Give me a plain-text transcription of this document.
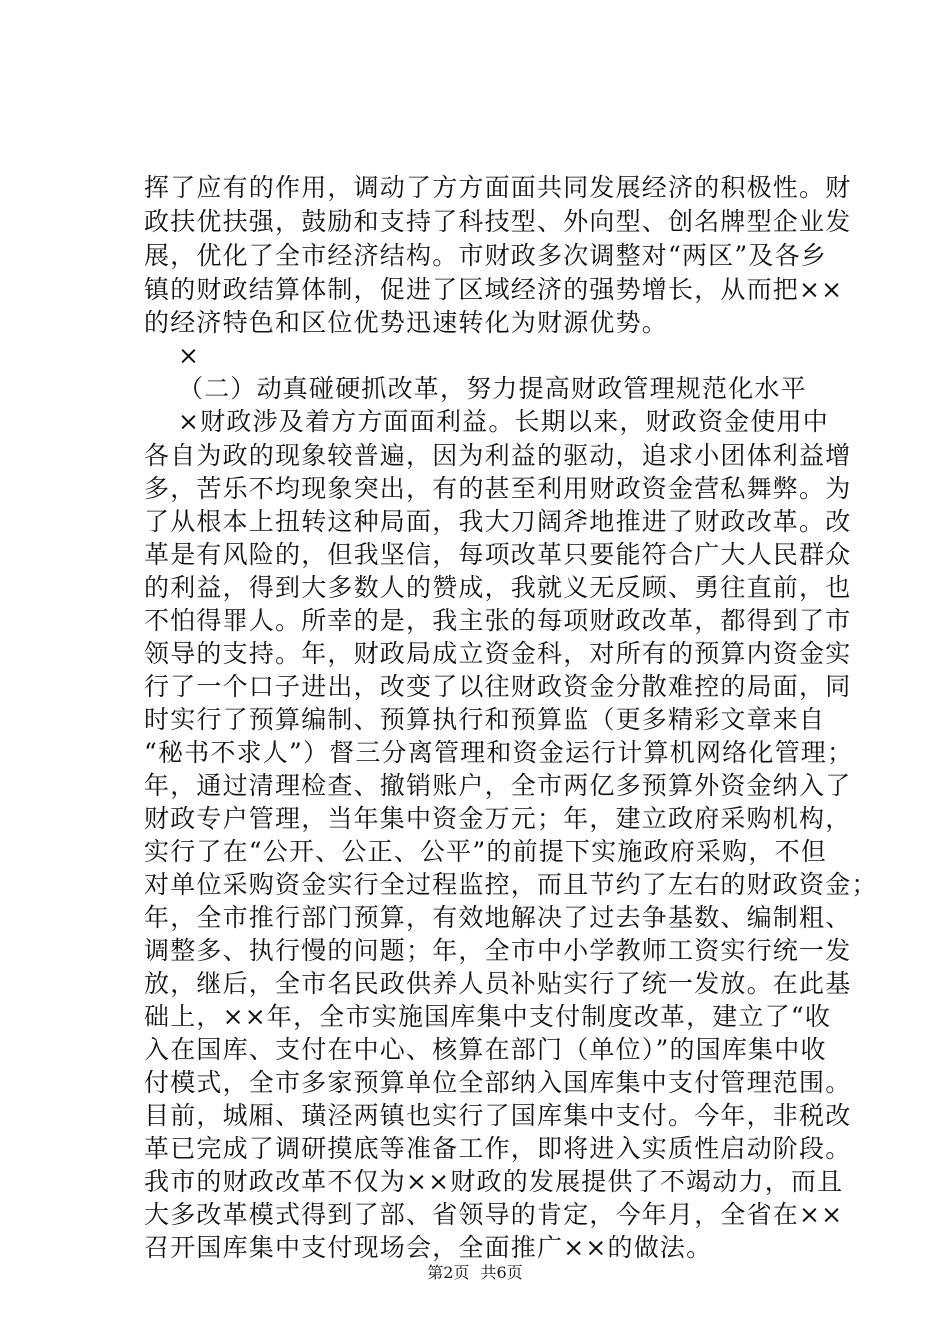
挥了应有的作用，调动了方方面面共同发展经济的积极性。财
政扶优扶强，鼓励和支持了科技型、外向型、创名牌型企业发
展，优化了全市经济结构。市财政多次调整对“两区”及各乡
镇的财政结算体制，促进了区域经济的强势增长，从而把××
的经济特色和区位优势迅速转化为财源优势。
×
（二）动真碰硬抓改革，努力提高财政管理规范化水平
×财政涉及着方方面面利益。长期以来，财政资金使用中
各自为政的现象较普遍，因为利益的驱动，追求小团体利益增
多，苦乐不均现象突出，有的甚至利用财政资金营私舞弊。为
了从根本上扭转这种局面，我大刀阔斧地推进了财政改革。改
革是有风险的，但我坚信，每项改革只要能符合广大人民群众
的利益，得到大多数人的赞成，我就义无反顾、勇往直前，也
不怕得罪人。所幸的是，我主张的每项财政改革，都得到了市
领导的支持。年，财政局成立资金科，对所有的预算内资金实
行了一个口子进出，改变了以往财政资金分散难控的局面，同
时实行了预算编制、预算执行和预算监（更多精彩文章来自
“秘书不求人”）督三分离管理和资金运行计算机网络化管理；
年，通过清理检查、撤销账户，全市两亿多预算外资金纳入了
财政专户管理，当年集中资金万元；年，建立政府采购机构，
实行了在“公开、公正、公平”的前提下实施政府采购，不但
对单位采购资金实行全过程监控，而且节约了左右的财政资金；
年，全市推行部门预算，有效地解决了过去争基数、编制粗、
调整多、执行慢的问题；年，全市中小学教师工资实行统一发
放，继后，全市名民政供养人员补贴实行了统一发放。在此基
础上，××年，全市实施国库集中支付制度改革，建立了“收
入在国库、支付在中心、核算在部门（单位）”的国库集中收
付模式，全市多家预算单位全部纳入国库集中支付管理范围。
目前，城厢、璜泾两镇也实行了国库集中支付。今年，非税改
革已完成了调研摸底等准备工作，即将进入实质性启动阶段。
我市的财政改革不仅为××财政的发展提供了不竭动力，而且
大多改革模式得到了部、省领导的肯定，今年月，全省在××
召开国库集中支付现场会，全面推广××的做法。
第2页 共6页
